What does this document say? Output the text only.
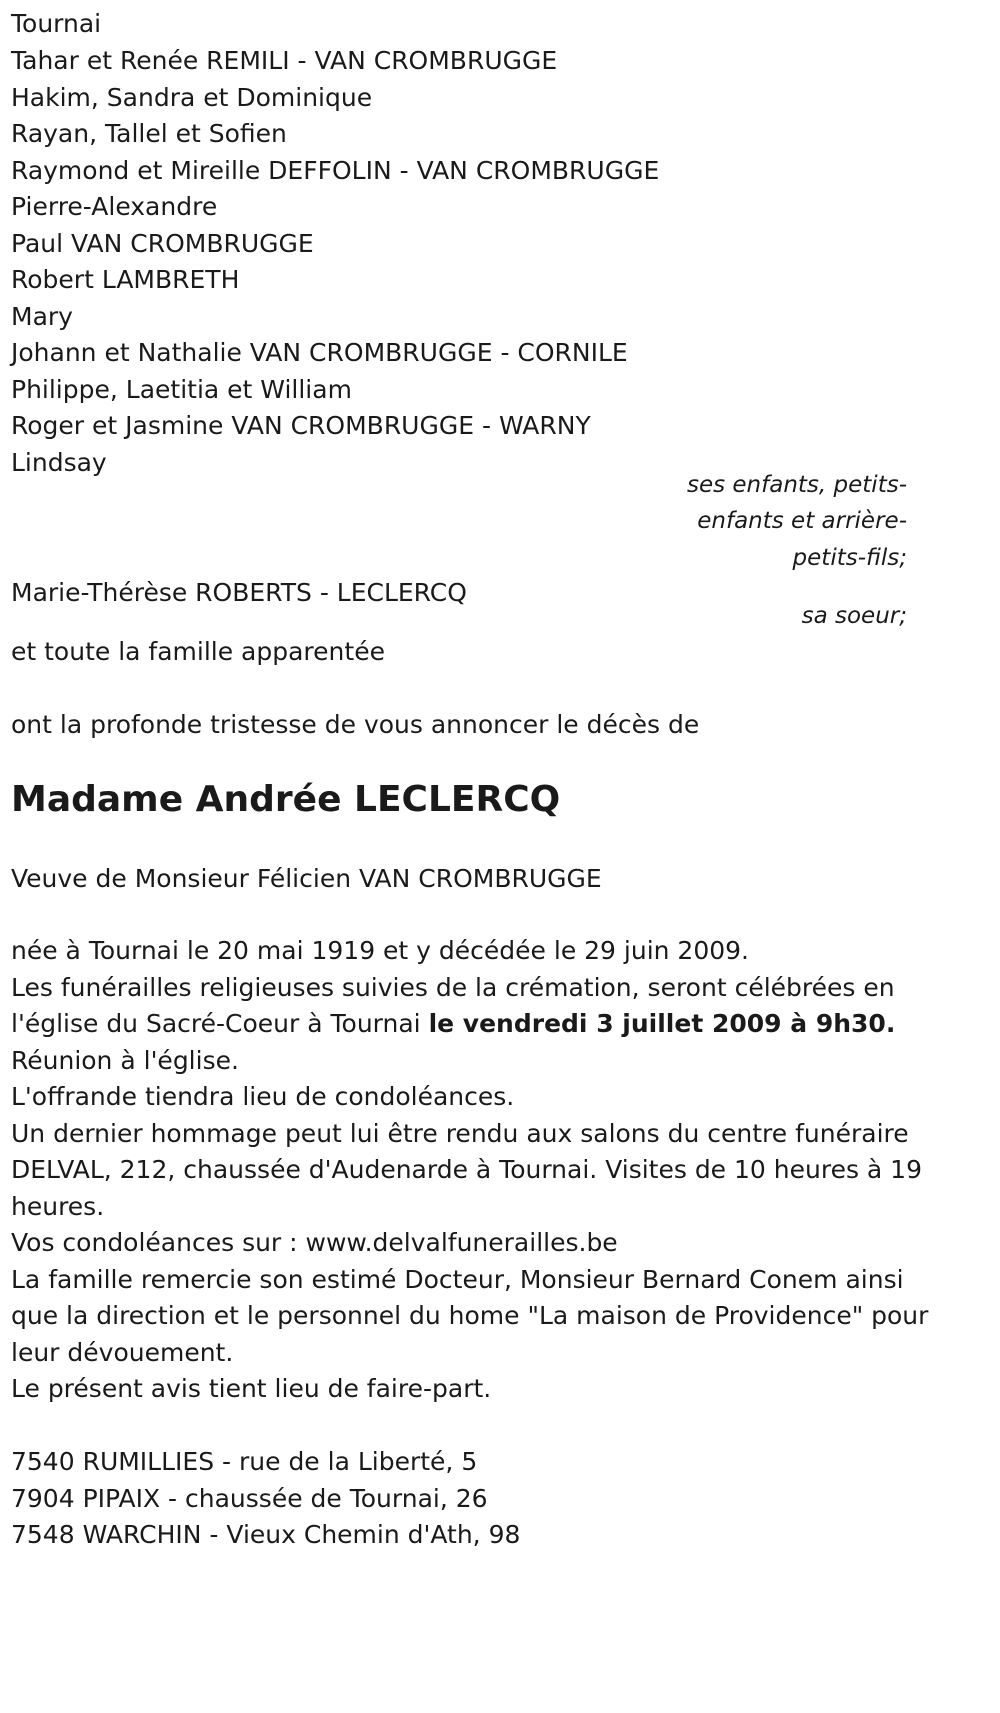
Tournai
Tahar et Renée REMILI - VAN CROMBRUGGE
Hakim, Sandra et Dominique
Rayan, Tallel et Sofien
Raymond et Mireille DEFFOLIN - VAN CROMBRUGGE
Pierre-Alexandre
Paul VAN CROMBRUGGE
Robert LAMBRETH
Mary
Johann et Nathalie VAN CROMBRUGGE - CORNILE
Philippe, Laetitia et William
Roger et Jasmine VAN CROMBRUGGE - WARNY
Lindsay
ses enfants, petits-
enfants et arrière-
petits-fils;
Marie-Thérèse ROBERTS - LECLERCQ
sa soeur;
et toute la famille apparentée
ont la profonde tristesse de vous annoncer le décès de
Madame Andrée LECLERCQ
Veuve de Monsieur Félicien VAN CROMBRUGGE
née à Tournai le 20 mai 1919 et y décédée le 29 juin 2009.
Les funérailles religieuses suivies de la crémation, seront célébrées en
l'église du Sacré-Coeur à Tournai le vendredi 3 juillet 2009 à 9h30.
Réunion à l'église.
L'offrande tiendra lieu de condoléances.
Un dernier hommage peut lui être rendu aux salons du centre funéraire
DELVAL, 212, chaussée d'Audenarde à Tournai. Visites de 10 heures à 19
heures.
Vos condoléances sur : www.delvalfunerailles.be
La famille remercie son estimé Docteur, Monsieur Bernard Conem ainsi
que la direction et le personnel du home "La maison de Providence" pour
leur dévouement.
Le présent avis tient lieu de faire-part.
7540 RUMILLIES - rue de la Liberté, 5
7904 PIPAIX - chaussée de Tournai, 26
7548 WARCHIN - Vieux Chemin d'Ath, 98
